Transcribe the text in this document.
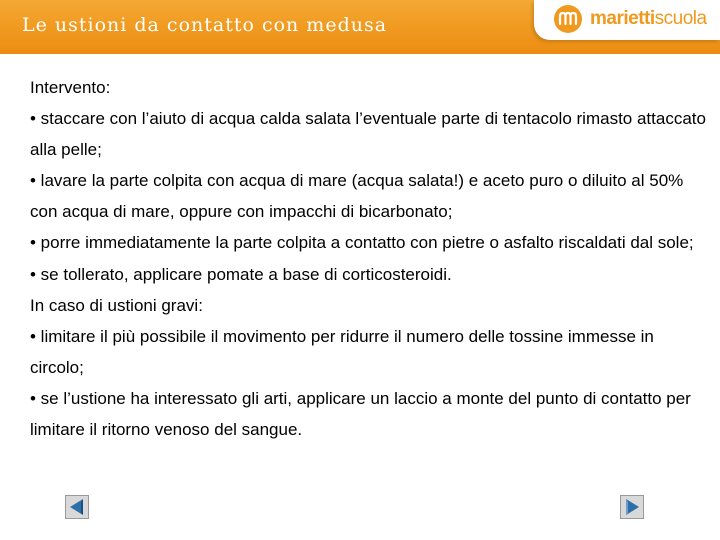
Le ustioni da contatto con medusa	mariettiscuola

Intervento:

• staccare con l’aiuto di acqua calda salata l’eventuale parte di tentacolo rimasto attaccato alla pelle;

• lavare la parte colpita con acqua di mare (acqua salata!) e aceto puro o diluito al 50% con acqua di mare, oppure con impacchi di bicarbonato;

• porre immediatamente la parte colpita a contatto con pietre o asfalto riscaldati dal sole;

• se tollerato, applicare pomate a base di corticosteroidi.

In caso di ustioni gravi:

• limitare il più possibile il movimento per ridurre il numero delle tossine immesse in circolo;

• se l’ustione ha interessato gli arti, applicare un laccio a monte del punto di contatto per limitare il ritorno venoso del sangue.
